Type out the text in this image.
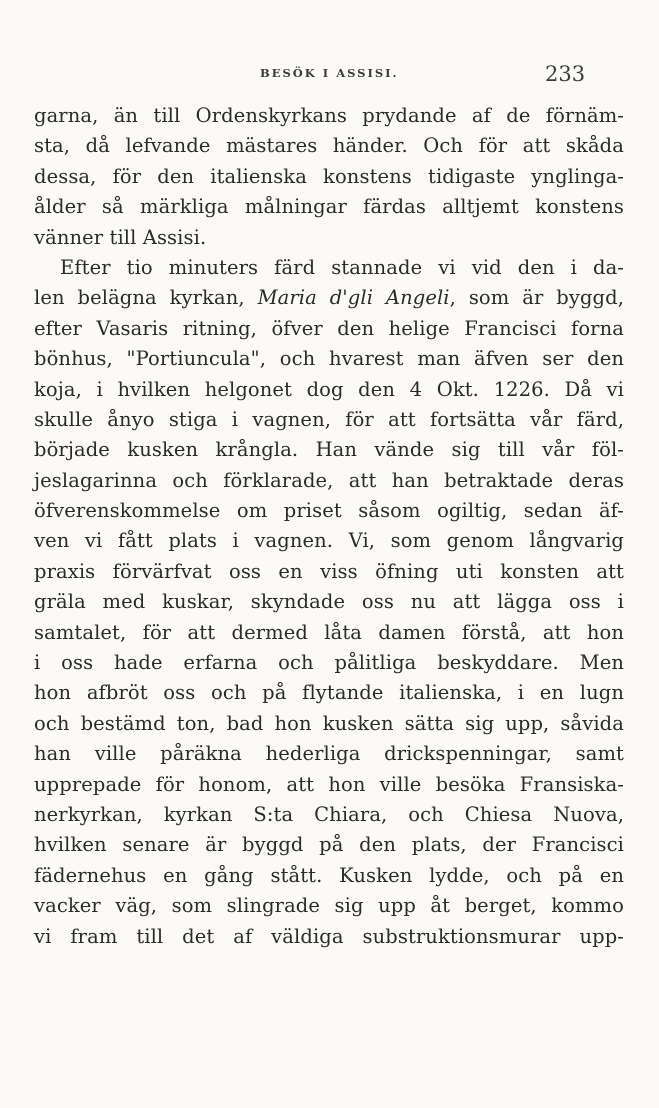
BESÖK I ASSISI.	233
garna, än till Ordenskyrkans prydande af de förnäm-
sta, då lefvande mästares händer. Och för att skåda
dessa, för den italienska konstens tidigaste ynglinga-
ålder så märkliga målningar färdas alltjemt konstens
vänner till Assisi.
Efter tio minuters färd stannade vi vid den i da-
len belägna kyrkan, Maria d'gli Angeli, som är byggd,
efter Vasaris ritning, öfver den helige Francisci forna
bönhus, "Portiuncula", och hvarest man äfven ser den
koja, i hvilken helgonet dog den 4 Okt. 1226. Då vi
skulle ånyo stiga i vagnen, för att fortsätta vår färd,
började kusken krångla. Han vände sig till vår föl-
jeslagarinna och förklarade, att han betraktade deras
öfverenskommelse om priset såsom ogiltig, sedan äf-
ven vi fått plats i vagnen. Vi, som genom långvarig
praxis förvärfvat oss en viss öfning uti konsten att
gräla med kuskar, skyndade oss nu att lägga oss i
samtalet, för att dermed låta damen förstå, att hon
i oss hade erfarna och pålitliga beskyddare. Men
hon afbröt oss och på flytande italienska, i en lugn
och bestämd ton, bad hon kusken sätta sig upp, såvida
han ville påräkna hederliga drickspenningar, samt
upprepade för honom, att hon ville besöka Fransiska-
nerkyrkan, kyrkan S:ta Chiara, och Chiesa Nuova,
hvilken senare är byggd på den plats, der Francisci
fädernehus en gång stått. Kusken lydde, och på en
vacker väg, som slingrade sig upp åt berget, kommo
vi fram till det af väldiga substruktionsmurar upp-
